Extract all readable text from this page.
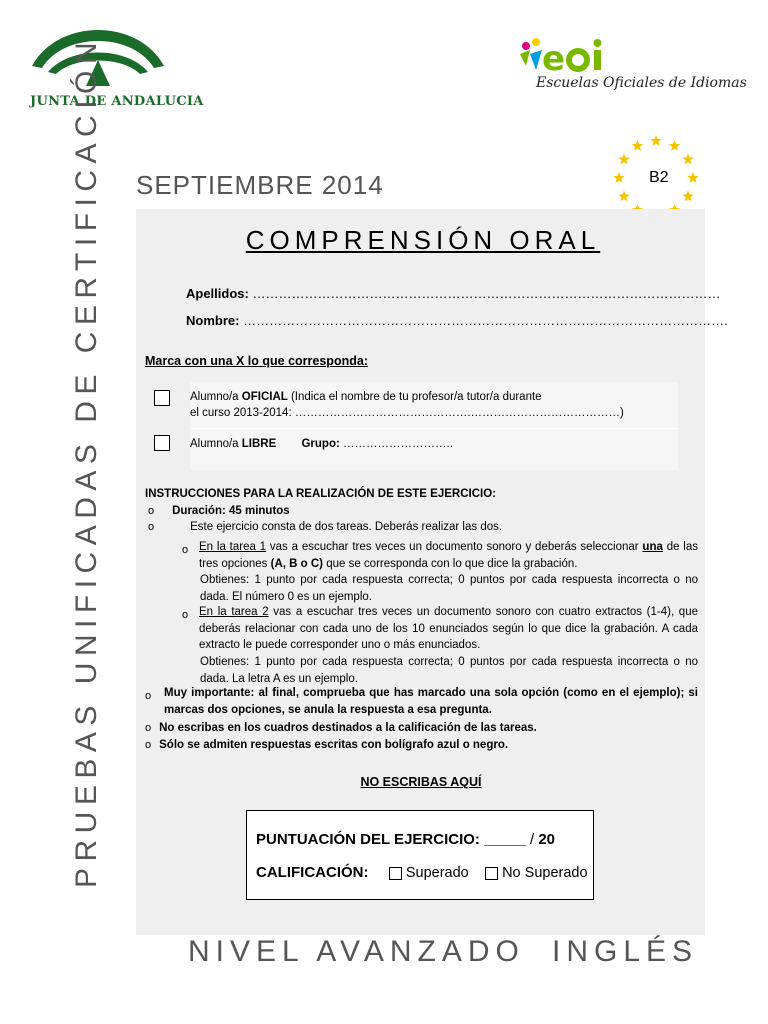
JUNTA DE ANDALUCIA
e
Escuelas Oficiales de Idiomas
B2
SEPTIEMBRE 2014
PRUEBAS UNIFICADAS DE CERTIFICACIÓN	COMPRENSIÓN ORAL
Apellidos: ………………………………………………………………………………………………
Nombre: ………………………………………………………………………………………………….
Marca con una X lo que corresponda:
Alumno/a OFICIAL (Indica el nombre de tu profesor/a tutor/a durante
el curso 2013-2014: ……………………………………….…………………………………)
Alumno/a LIBRE Grupo: ………………………..
INSTRUCCIONES PARA LA REALIZACIÓN DE ESTE EJERCICIO:
o Duración: 45 minutos
o	Este ejercicio consta de dos tareas. Deberás realizar las dos.
o En la tarea 1 vas a escuchar tres veces un documento sonoro y deberás seleccionar una de las tres opciones (A, B o C) que se corresponda con lo que dice la grabación.
Obtienes: 1 punto por cada respuesta correcta; 0 puntos por cada respuesta incorrecta o no dada. El número 0 es un ejemplo.
o En la tarea 2 vas a escuchar tres veces un documento sonoro con cuatro extractos (1-4), que deberás relacionar con cada uno de los 10 enunciados según lo que dice la grabación. A cada extracto le puede corresponder uno o más enunciados.
Obtienes: 1 punto por cada respuesta correcta; 0 puntos por cada respuesta incorrecta o no dada. La letra A es un ejemplo.
o Muy importante: al final, comprueba que has marcado una sola opción (como en el ejemplo); si marcas dos opciones, se anula la respuesta a esa pregunta.
o No escribas en los cuadros destinados a la calificación de las tareas.
o Sólo se admiten respuestas escritas con bolígrafo azul o negro.
NO ESCRIBAS AQUÍ
PUNTUACIÓN DEL EJERCICIO: _____ / 20
CALIFICACIÓN:	Superado No Superado
NIVEL AVANZADO INGLÉS
